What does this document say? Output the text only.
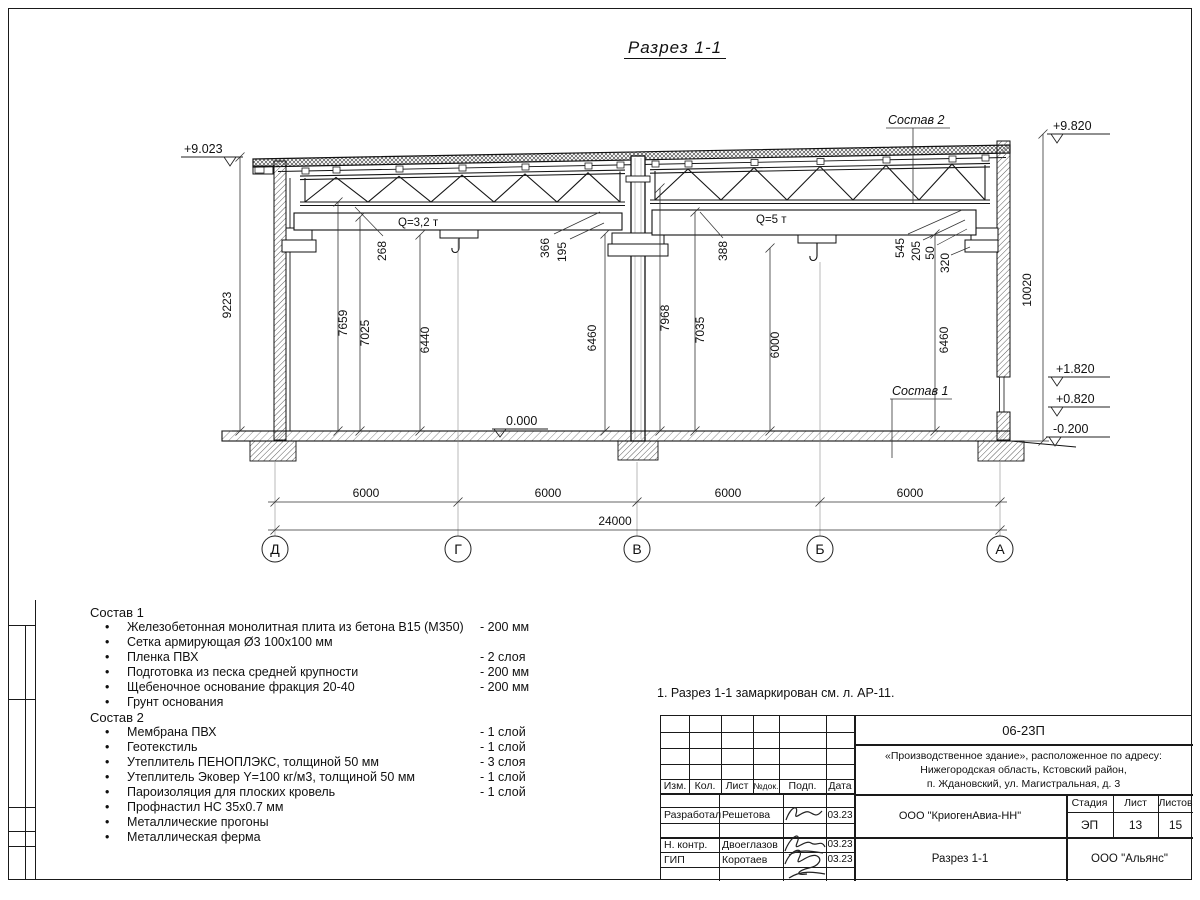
Разрез 1-1
Q=3,2 т	Q=5 т
9223	10020
7659 7025	6440	6460
7968 7035
6000	6460
268	366 195	388	545 205 50 320
+9.023
+9.820
+1.820
+0.820
-0.200
0.000
Состав 2
Состав 1
6000	6000	6000	6000
24000
Д	Г	В	Б	А
Состав 1
•	Железобетонная монолитная плита из бетона В15 (М350)	- 200 мм
•	Сетка армирующая Ø3 100х100 мм
•	Пленка ПВХ	- 2 слоя
•	Подготовка из песка средней крупности	- 200 мм
•	Щебеночное основание фракция 20-40	- 200 мм
•	Грунт основания
Состав 2
•	Мембрана ПВХ	- 1 слой
•	Геотекстиль	- 1 слой
•	Утеплитель ПЕНОПЛЭКС, толщиной 50 мм	- 3 слоя
•	Утеплитель Эковер Y=100 кг/м3, толщиной 50 мм	- 1 слой
•	Пароизоляция для плоских кровель	- 1 слой
•	Профнастил НС 35х0.7 мм
•	Металлические прогоны
•	Металлическая ферма
1. Разрез 1-1 замаркирован см. л. АР-11.
Изм. Кол. Лист №док. Подп.	Дата
Разработал Решетова	03.23
Н. контр. Двоеглазов	03.23
ГИП	Коротаев	03.23
06-23П
«Производственное здание», расположенное по адресу:
Нижегородская область, Кстовский район,
п. Ждановский, ул. Магистральная, д. 3
ООО "КриогенАвиа-НН"
Стадия	Лист	Листов
ЭП	13	15
Разрез 1-1	ООО "Альянс"
